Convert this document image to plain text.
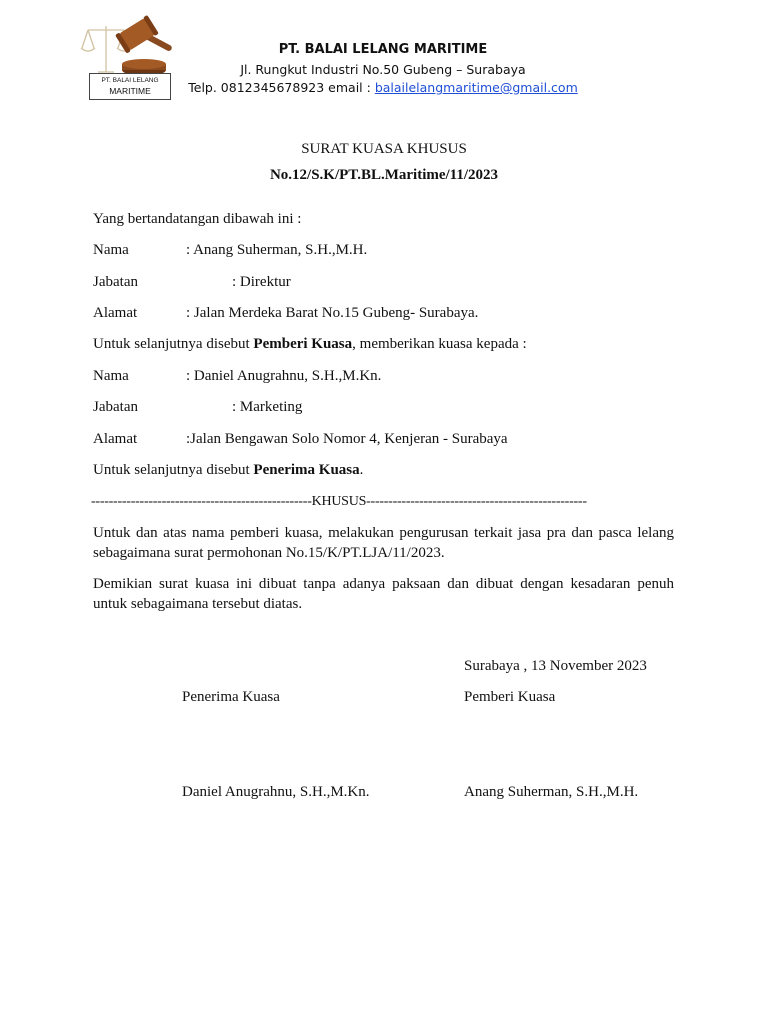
PT. BALAI LELANG
MARITIME
PT. BALAI LELANG MARITIME
Jl. Rungkut Industri No.50 Gubeng – Surabaya
Telp. 0812345678923 email : balailelangmaritime@gmail.com
SURAT KUASA KHUSUS
No.12/S.K/PT.BL.Maritime/11/2023
Yang bertandatangan dibawah ini :
Nama	: Anang Suherman, S.H.,M.H.
Jabatan	: Direktur
Alamat	: Jalan Merdeka Barat No.15 Gubeng- Surabaya.
Untuk selanjutnya disebut Pemberi Kuasa, memberikan kuasa kepada :
Nama	: Daniel Anugrahnu, S.H.,M.Kn.
Jabatan	: Marketing
Alamat	:Jalan Bengawan Solo Nomor 4, Kenjeran - Surabaya
Untuk selanjutnya disebut Penerima Kuasa.
--------------------------------------------------KHUSUS--------------------------------------------------
Untuk dan atas nama pemberi kuasa, melakukan pengurusan terkait jasa pra dan pasca lelang sebagaimana surat permohonan No.15/K/PT.LJA/11/2023.
Demikian surat kuasa ini dibuat tanpa adanya paksaan dan dibuat dengan kesadaran penuh untuk sebagaimana tersebut diatas.
Surabaya , 13 November 2023
Penerima Kuasa	Pemberi Kuasa
Daniel Anugrahnu, S.H.,M.Kn.	Anang Suherman, S.H.,M.H.
